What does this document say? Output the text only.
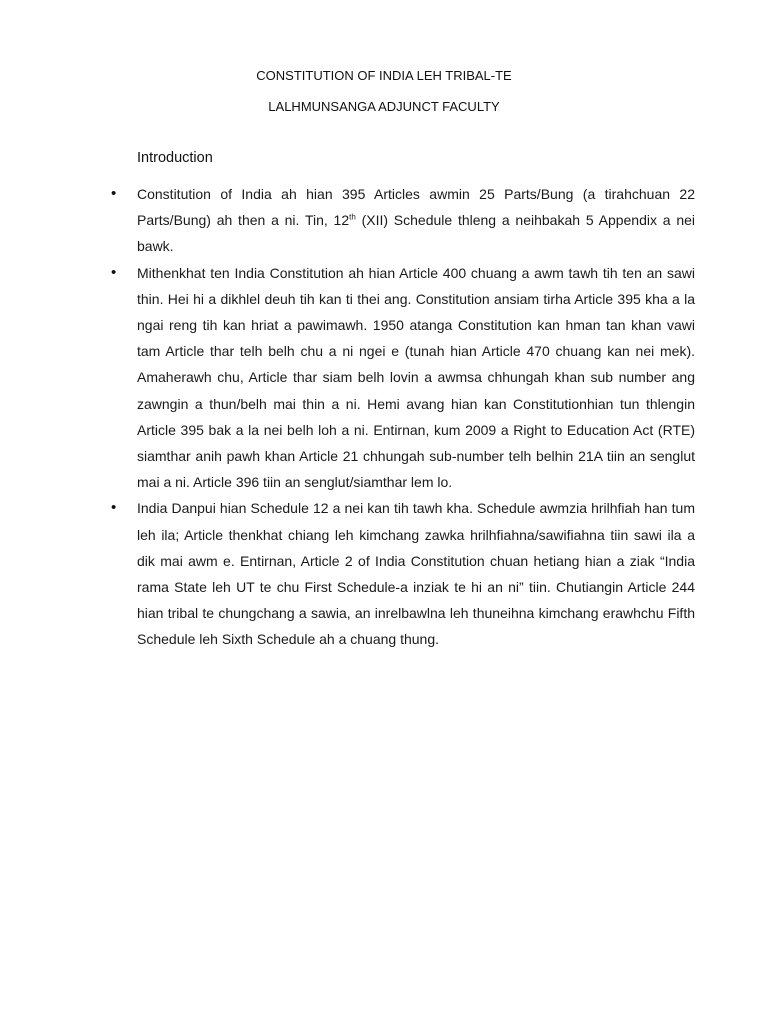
CONSTITUTION OF INDIA LEH TRIBAL-TE
LALHMUNSANGA ADJUNCT FACULTY
Introduction
• Constitution of India ah hian 395 Articles awmin 25 Parts/Bung (a tirahchuan 22 Parts/Bung) ah then a ni. Tin, 12th (XII) Schedule thleng a neihbakah 5 Appendix a nei bawk.
• Mithenkhat ten India Constitution ah hian Article 400 chuang a awm tawh tih ten an sawi thin. Hei hi a dikhlel deuh tih kan ti thei ang. Constitution ansiam tirha Article 395 kha a la ngai reng tih kan hriat a pawimawh. 1950 atanga Constitution kan hman tan khan vawi tam Article thar telh belh chu a ni ngei e (tunah hian Article 470 chuang kan nei mek). Amaherawh chu, Article thar siam belh lovin a awmsa chhungah khan sub number ang zawngin a thun/belh mai thin a ni. Hemi avang hian kan Constitutionhian tun thlengin Article 395 bak a la nei belh loh a ni. Entirnan, kum 2009 a Right to Education Act (RTE) siamthar anih pawh khan Article 21 chhungah sub-number telh belhin 21A tiin an senglut mai a ni. Article 396 tiin an senglut/siamthar lem lo.
• India Danpui hian Schedule 12 a nei kan tih tawh kha. Schedule awmzia hrilhfiah han tum leh ila; Article thenkhat chiang leh kimchang zawka hrilhfiahna/sawifiahna tiin sawi ila a dik mai awm e. Entirnan, Article 2 of India Constitution chuan hetiang hian a ziak “India rama State leh UT te chu First Schedule-a inziak te hi an ni” tiin. Chutiangin Article 244 hian tribal te chungchang a sawia, an inrelbawlna leh thuneihna kimchang erawhchu Fifth Schedule leh Sixth Schedule ah a chuang thung.
